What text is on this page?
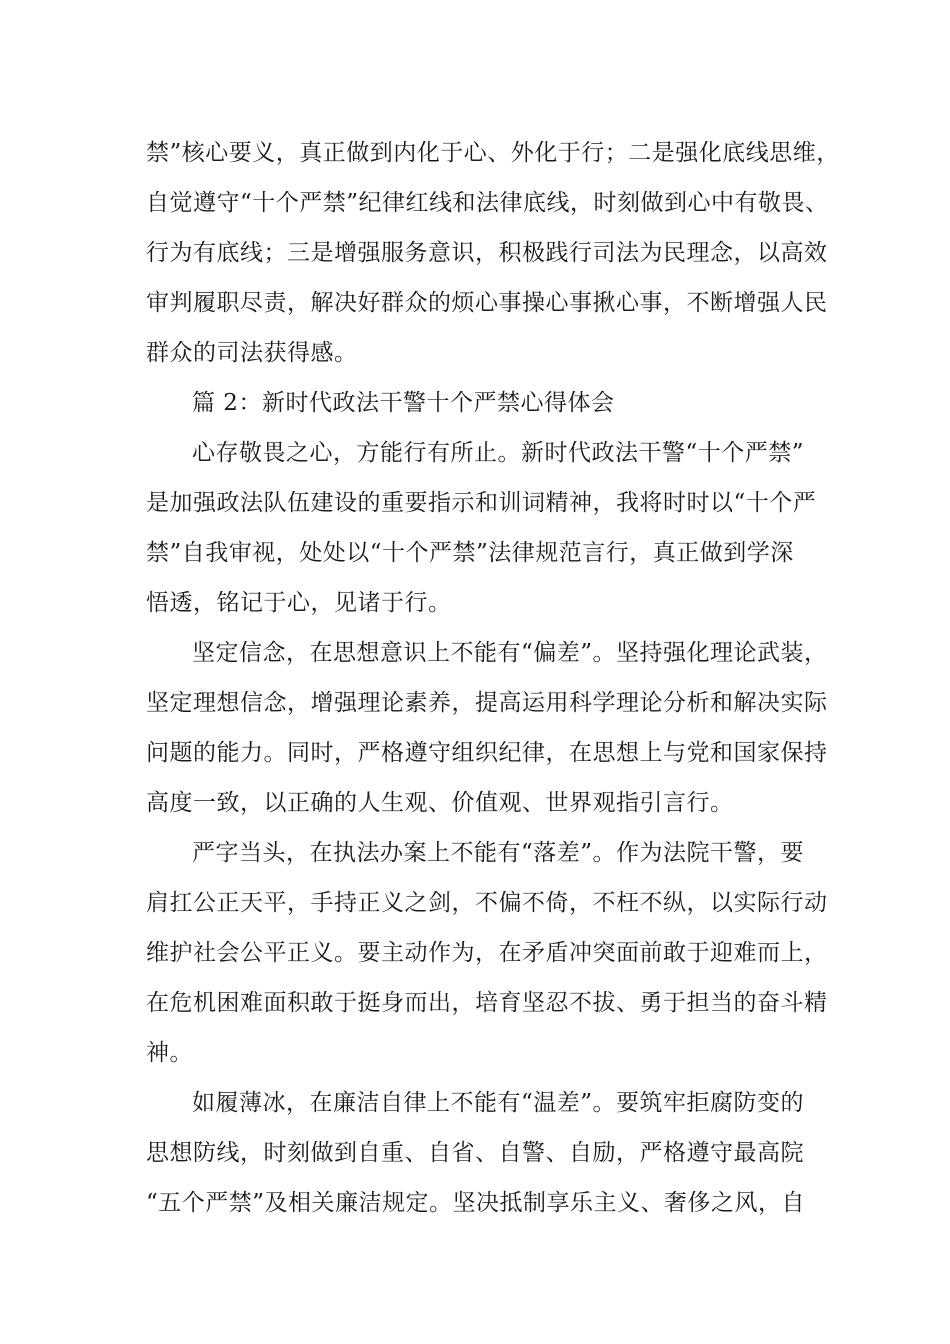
禁”核心要义，真正做到内化于心、外化于行；二是强化底线思维，
自觉遵守“十个严禁”纪律红线和法律底线，时刻做到心中有敬畏、
行为有底线；三是增强服务意识，积极践行司法为民理念，以高效
审判履职尽责，解决好群众的烦心事操心事揪心事，不断增强人民
群众的司法获得感。
篇 2：新时代政法干警十个严禁心得体会
心存敬畏之心，方能行有所止。新时代政法干警“十个严禁”
是加强政法队伍建设的重要指示和训词精神，我将时时以“十个严
禁”自我审视，处处以“十个严禁”法律规范言行，真正做到学深
悟透，铭记于心，见诸于行。
坚定信念，在思想意识上不能有“偏差”。坚持强化理论武装，
坚定理想信念，增强理论素养，提高运用科学理论分析和解决实际
问题的能力。同时，严格遵守组织纪律，在思想上与党和国家保持
高度一致，以正确的人生观、价值观、世界观指引言行。
严字当头，在执法办案上不能有“落差”。作为法院干警，要
肩扛公正天平，手持正义之剑，不偏不倚，不枉不纵，以实际行动
维护社会公平正义。要主动作为，在矛盾冲突面前敢于迎难而上，
在危机困难面积敢于挺身而出，培育坚忍不拔、勇于担当的奋斗精
神。
如履薄冰，在廉洁自律上不能有“温差”。要筑牢拒腐防变的
思想防线，时刻做到自重、自省、自警、自励，严格遵守最高院
“五个严禁”及相关廉洁规定。坚决抵制享乐主义、奢侈之风，自
